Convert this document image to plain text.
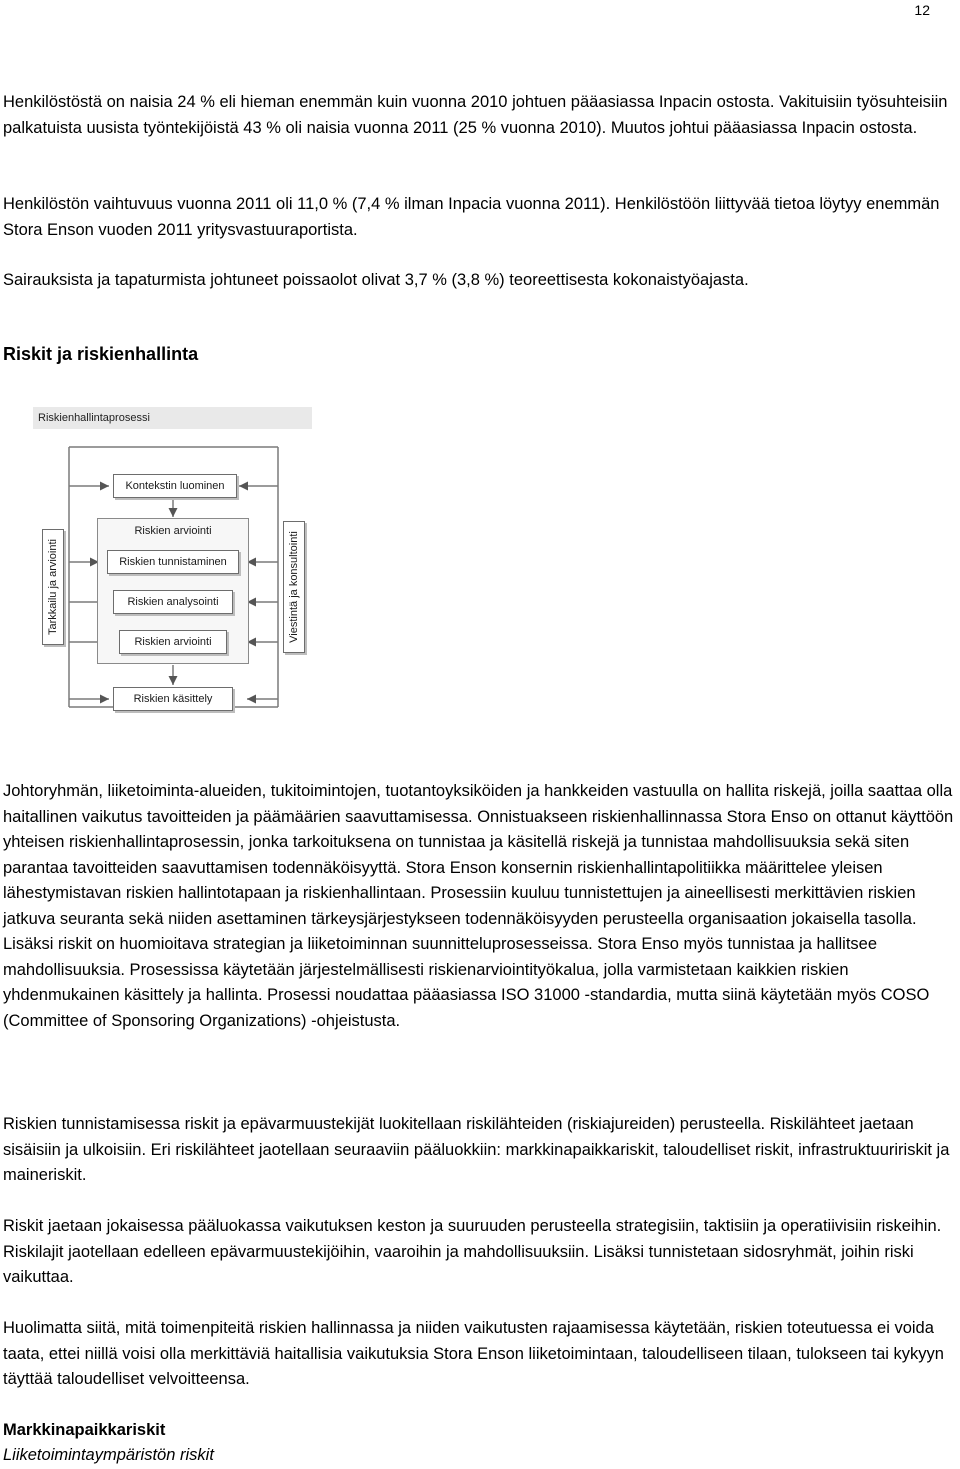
12

Henkilöstöstä on naisia 24 % eli hieman enemmän kuin vuonna 2010 johtuen pääasiassa Inpacin ostosta. Vakituisiin työsuhteisiin palkatuista uusista työntekijöistä 43 % oli naisia vuonna 2011 (25 % vuonna 2010). Muutos johtui pääasiassa Inpacin ostosta.

Henkilöstön vaihtuvuus vuonna 2011 oli 11,0 % (7,4 % ilman Inpacia vuonna 2011). Henkilöstöön liittyvää tietoa löytyy enemmän Stora Enson vuoden 2011 yritysvastuuraportista.

Sairauksista ja tapaturmista johtuneet poissaolot olivat 3,7 % (3,8 %) teoreettisesta kokonaistyöajasta.

Riskit ja riskienhallinta
Riskienhallintaprosessi
Kontekstin luominen
Riskien arviointi
Riskien tunnistaminen
Riskien analysointi
Riskien arviointi
Riskien käsittely
Tarkkailu ja arviointi	Viestintä ja konsultointi

Johtoryhmän, liiketoiminta-alueiden, tukitoimintojen, tuotantoyksiköiden ja hankkeiden vastuulla on hallita riskejä, joilla saattaa olla haitallinen vaikutus tavoitteiden ja päämäärien saavuttamisessa. Onnistuakseen riskienhallinnassa Stora Enso on ottanut käyttöön yhteisen riskienhallintaprosessin, jonka tarkoituksena on tunnistaa ja käsitellä riskejä ja tunnistaa mahdollisuuksia sekä siten parantaa tavoitteiden saavuttamisen todennäköisyyttä. Stora Enson konsernin riskienhallintapolitiikka määrittelee yleisen lähestymistavan riskien hallintotapaan ja riskienhallintaan. Prosessiin kuuluu tunnistettujen ja aineellisesti merkittävien riskien jatkuva seuranta sekä niiden asettaminen tärkeysjärjestykseen todennäköisyyden perusteella organisaation jokaisella tasolla. Lisäksi riskit on huomioitava strategian ja liiketoiminnan suunnitteluprosesseissa. Stora Enso myös tunnistaa ja hallitsee mahdollisuuksia. Prosessissa käytetään järjestelmällisesti riskienarviointityökalua, jolla varmistetaan kaikkien riskien yhdenmukainen käsittely ja hallinta. Prosessi noudattaa pääasiassa ISO 31000 -standardia, mutta siinä käytetään myös COSO (Committee of Sponsoring Organizations) -ohjeistusta.

Riskien tunnistamisessa riskit ja epävarmuustekijät luokitellaan riskilähteiden (riskiajureiden) perusteella. Riskilähteet jaetaan sisäisiin ja ulkoisiin. Eri riskilähteet jaotellaan seuraaviin pääluokkiin: markkinapaikkariskit, taloudelliset riskit, infrastruktuuririskit ja maineriskit.

Riskit jaetaan jokaisessa pääluokassa vaikutuksen keston ja suuruuden perusteella strategisiin, taktisiin ja operatiivisiin riskeihin. Riskilajit jaotellaan edelleen epävarmuustekijöihin, vaaroihin ja mahdollisuuksiin. Lisäksi tunnistetaan sidosryhmät, joihin riski vaikuttaa.

Huolimatta siitä, mitä toimenpiteitä riskien hallinnassa ja niiden vaikutusten rajaamisessa käytetään, riskien toteutuessa ei voida taata, ettei niillä voisi olla merkittäviä haitallisia vaikutuksia Stora Enson liiketoimintaan, taloudelliseen tilaan, tulokseen tai kykyyn täyttää taloudelliset velvoitteensa.

Markkinapaikkariskit

Liiketoimintaympäristön riskit
